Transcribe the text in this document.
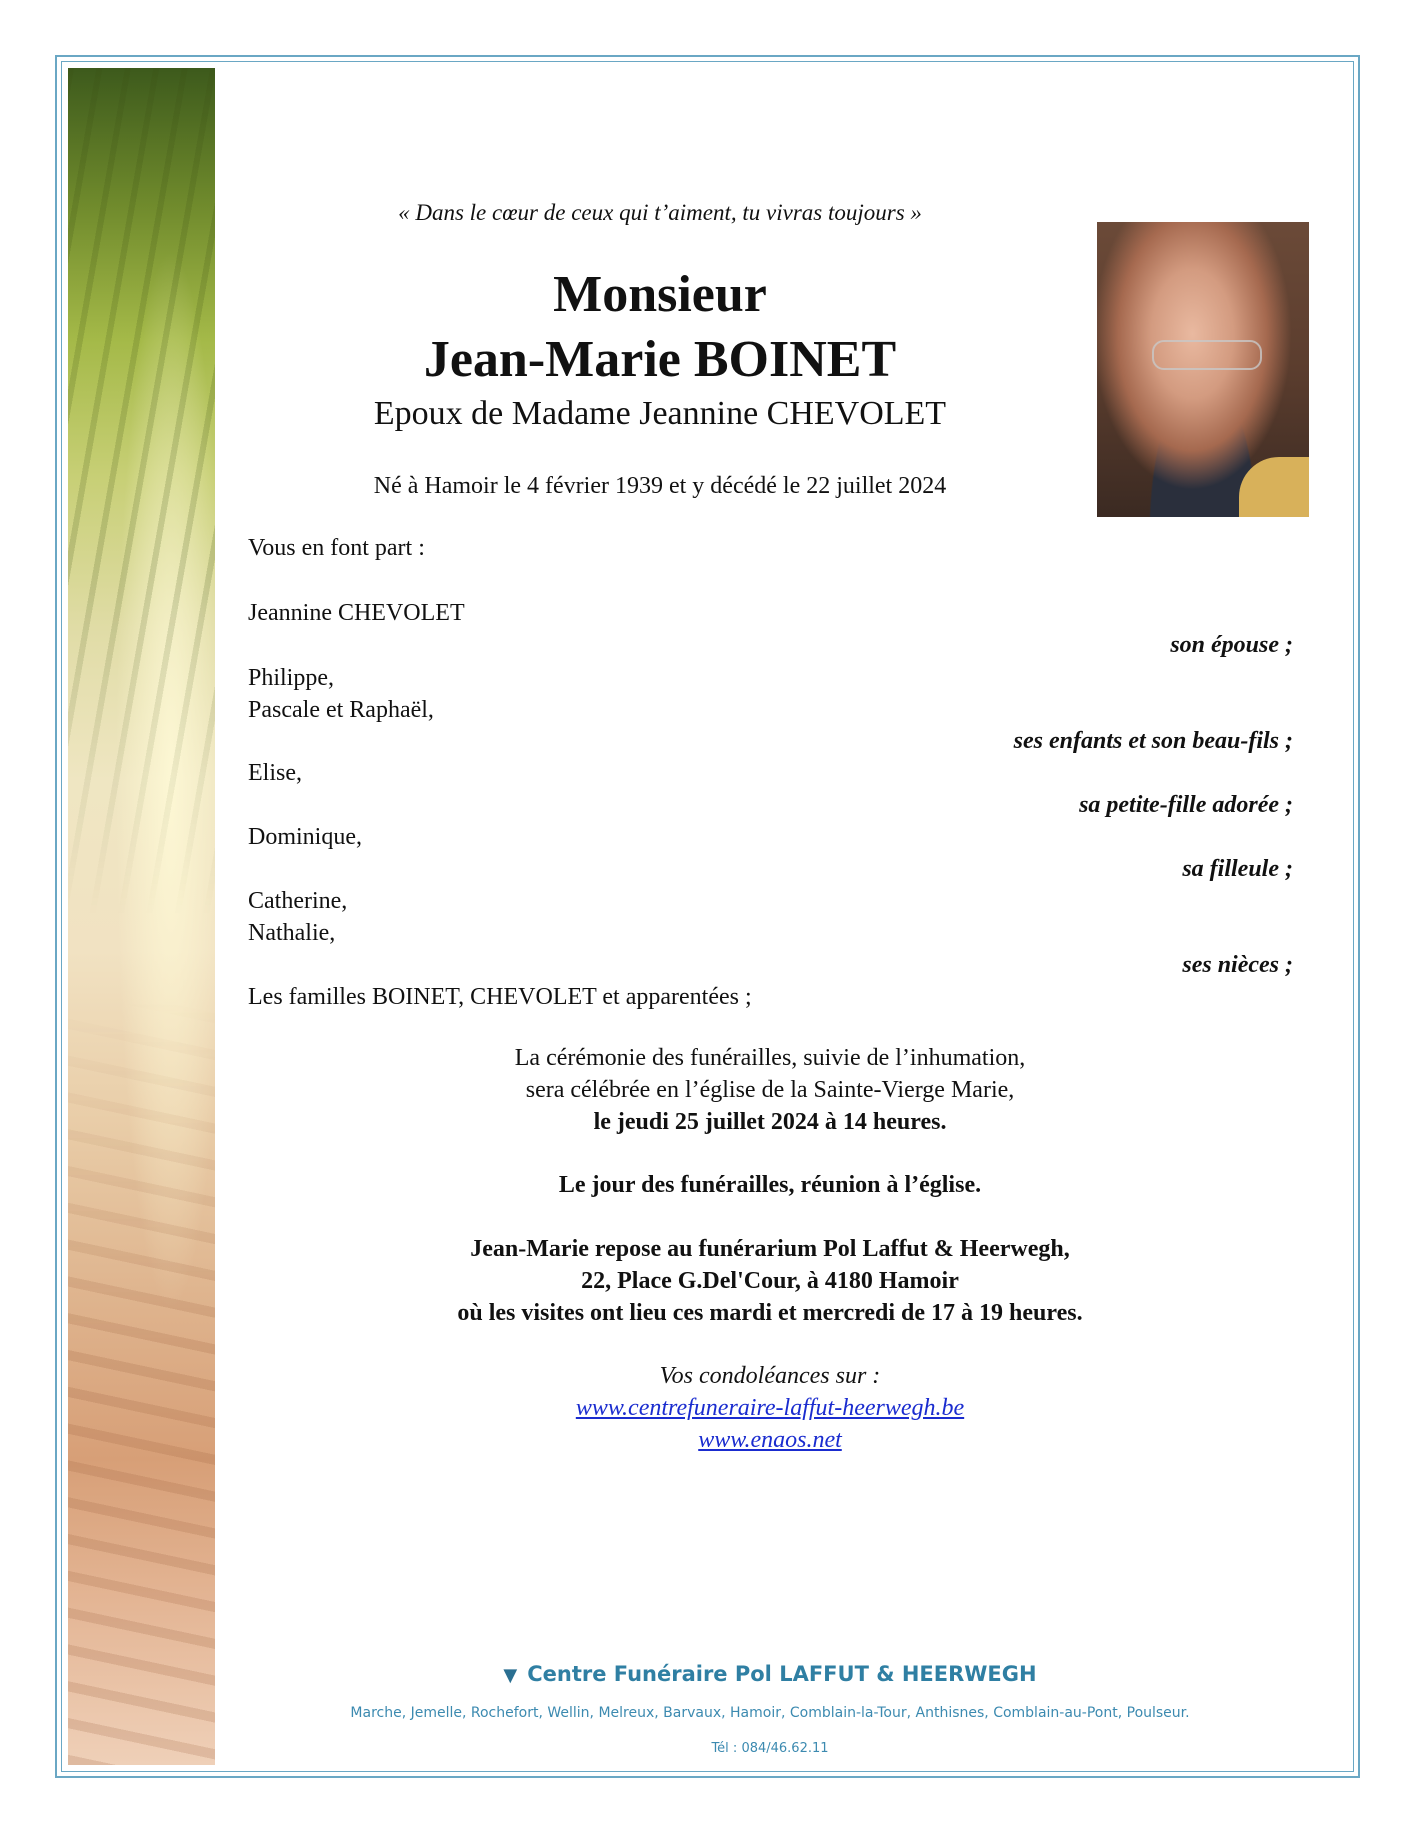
« Dans le cœur de ceux qui t’aiment, tu vivras toujours »
Monsieur
Jean-Marie BOINET
Epoux de Madame Jeannine CHEVOLET
Né à Hamoir le 4 février 1939 et y décédé le 22 juillet 2024
Vous en font part :
Jeannine CHEVOLET
son épouse ;
Philippe,
Pascale et Raphaël,
ses enfants et son beau-fils ;
Elise,
sa petite-fille adorée ;
Dominique,
sa filleule ;
Catherine,
Nathalie,
ses nièces ;
Les familles BOINET, CHEVOLET et apparentées ;
La cérémonie des funérailles, suivie de l’inhumation,
sera célébrée en l’église de la Sainte-Vierge Marie,
le jeudi 25 juillet 2024 à 14 heures.
Le jour des funérailles, réunion à l’église.
Jean-Marie repose au funérarium Pol Laffut & Heerwegh,
22, Place G.Del'Cour, à 4180 Hamoir
où les visites ont lieu ces mardi et mercredi de 17 à 19 heures.
Vos condoléances sur :
www.centrefuneraire-laffut-heerwegh.be
www.enaos.net
▼ Centre Funéraire Pol LAFFUT & HEERWEGH
Marche, Jemelle, Rochefort, Wellin, Melreux, Barvaux, Hamoir, Comblain-la-Tour, Anthisnes, Comblain-au-Pont, Poulseur.
Tél : 084/46.62.11
